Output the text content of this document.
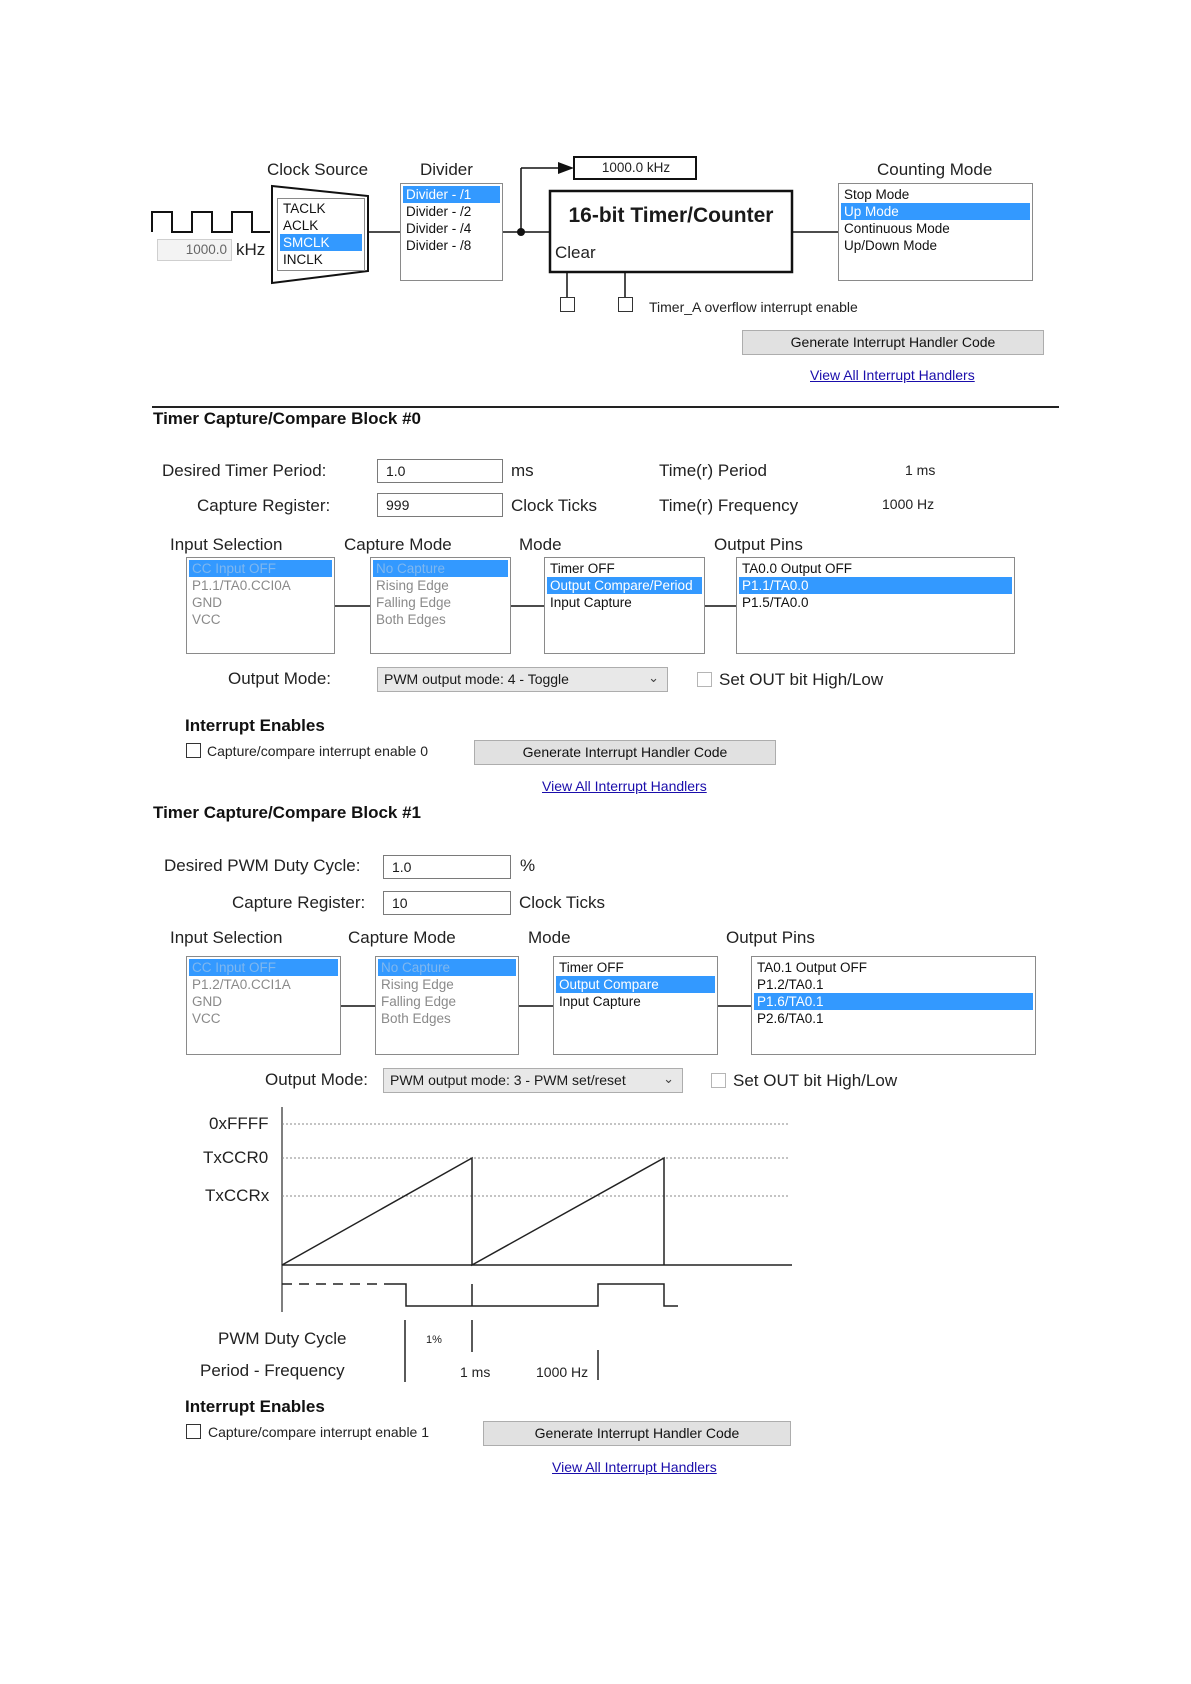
Clock Source
TACLK
ACLK
SMCLK
INCLK
1000.0 kHz
Divider
Divider - /1
Divider - /2
Divider - /4
Divider - /8
1000.0 kHz
16-bit Timer/Counter
Clear
Timer_A overflow interrupt enable
Counting Mode
Stop Mode
Up Mode
Continuous Mode
Up/Down Mode
Generate Interrupt Handler Code
View All Interrupt Handlers
Timer Capture/Compare Block #0
Desired Timer Period:	1.0	ms
Capture Register:	999	Clock Ticks
Time(r) Period	1 ms
Time(r) Frequency	1000 Hz
Input Selection
CC Input OFF
P1.1/TA0.CCI0A
GND
VCC
Capture Mode
No Capture
Rising Edge
Falling Edge
Both Edges
Mode
Timer OFF
Output Compare/Period
Input Capture
Output Pins
TA0.0 Output OFF
P1.1/TA0.0
P1.5/TA0.0
Output Mode:	PWM output mode: 4 - Toggle	⌄	Set OUT bit High/Low
Interrupt Enables
Capture/compare interrupt enable 0	Generate Interrupt Handler Code
View All Interrupt Handlers
Timer Capture/Compare Block #1
Desired PWM Duty Cycle:	1.0	%
Capture Register:	10	Clock Ticks
Input Selection
CC Input OFF
P1.2/TA0.CCI1A
GND
VCC
Capture Mode
No Capture
Rising Edge
Falling Edge
Both Edges
Mode
Timer OFF
Output Compare
Input Capture
Output Pins
TA0.1 Output OFF
P1.2/TA0.1
P1.6/TA0.1
P2.6/TA0.1
Output Mode:	PWM output mode: 3 - PWM set/reset	⌄	Set OUT bit High/Low
0xFFFF
TxCCR0
TxCCRx
PWM Duty Cycle	1%
Period - Frequency	1 ms	1000 Hz
Interrupt Enables
Capture/compare interrupt enable 1	Generate Interrupt Handler Code
View All Interrupt Handlers
